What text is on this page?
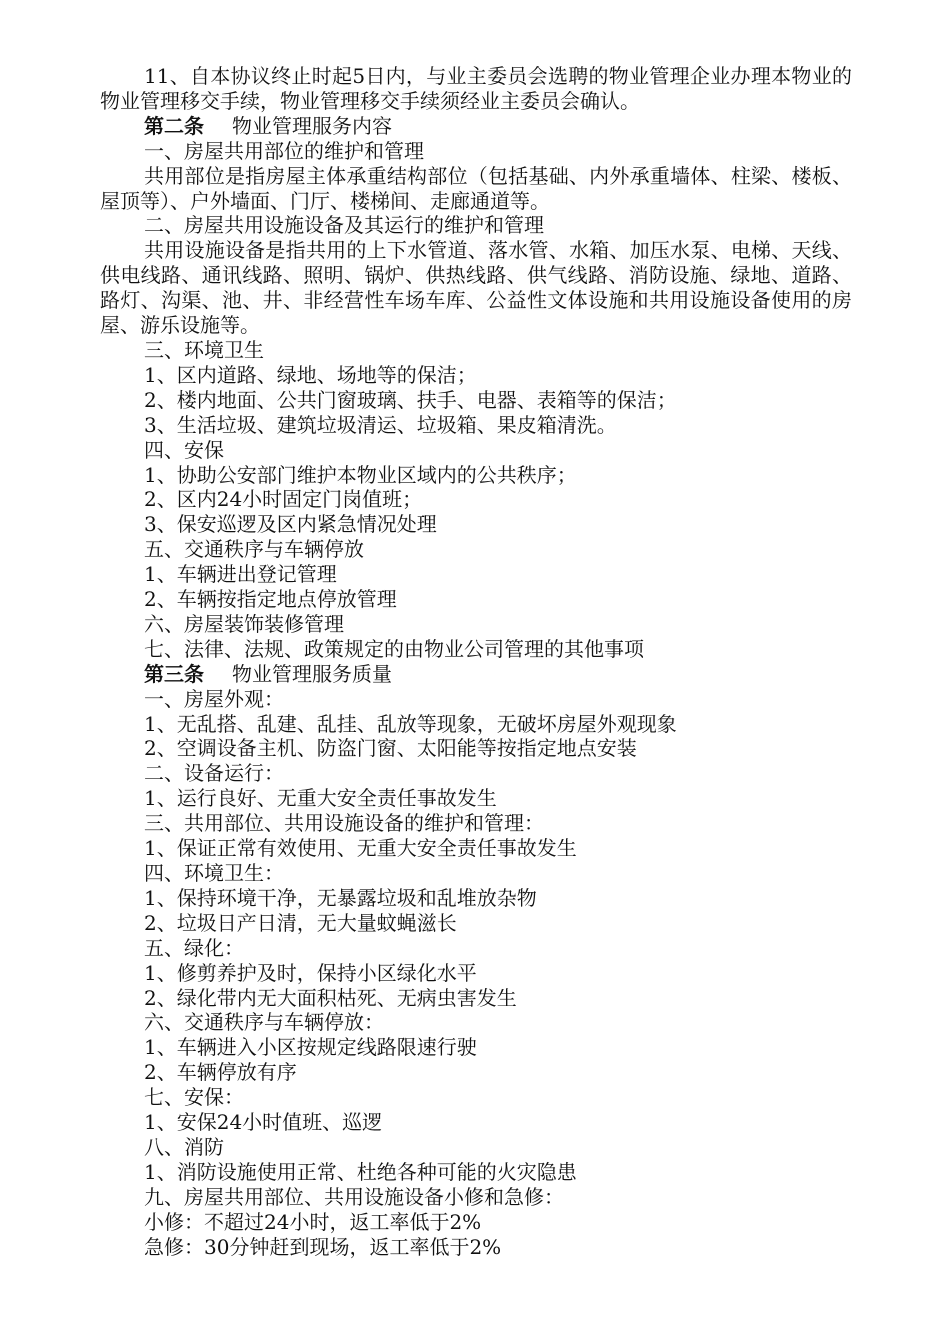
11、自本协议终止时起5日内，与业主委员会选聘的物业管理企业办理本物业的物业管理移交手续，物业管理移交手续须经业主委员会确认。

第二条 物业管理服务内容

一、房屋共用部位的维护和管理

共用部位是指房屋主体承重结构部位（包括基础、内外承重墙体、柱梁、楼板、屋顶等）、户外墙面、门厅、楼梯间、走廊通道等。

二、房屋共用设施设备及其运行的维护和管理

共用设施设备是指共用的上下水管道、落水管、水箱、加压水泵、电梯、天线、供电线路、通讯线路、照明、锅炉、供热线路、供气线路、消防设施、绿地、道路、路灯、沟渠、池、井、非经营性车场车库、公益性文体设施和共用设施设备使用的房屋、游乐设施等。

三、环境卫生

1、区内道路、绿地、场地等的保洁；

2、楼内地面、公共门窗玻璃、扶手、电器、表箱等的保洁；

3、生活垃圾、建筑垃圾清运、垃圾箱、果皮箱清洗。

四、安保

1、协助公安部门维护本物业区域内的公共秩序；

2、区内24小时固定门岗值班；

3、保安巡逻及区内紧急情况处理

五、交通秩序与车辆停放

1、车辆进出登记管理

2、车辆按指定地点停放管理

六、房屋装饰装修管理

七、法律、法规、政策规定的由物业公司管理的其他事项

第三条 物业管理服务质量

一、房屋外观：

1、无乱搭、乱建、乱挂、乱放等现象，无破坏房屋外观现象

2、空调设备主机、防盗门窗、太阳能等按指定地点安装

二、设备运行：

1、运行良好、无重大安全责任事故发生

三、共用部位、共用设施设备的维护和管理：

1、保证正常有效使用、无重大安全责任事故发生

四、环境卫生：

1、保持环境干净，无暴露垃圾和乱堆放杂物

2、垃圾日产日清，无大量蚊蝇滋长

五、绿化：

1、修剪养护及时，保持小区绿化水平

2、绿化带内无大面积枯死、无病虫害发生

六、交通秩序与车辆停放：

1、车辆进入小区按规定线路限速行驶

2、车辆停放有序

七、安保：

1、安保24小时值班、巡逻

八、消防

1、消防设施使用正常、杜绝各种可能的火灾隐患

九、房屋共用部位、共用设施设备小修和急修：

小修：不超过24小时，返工率低于2%

急修：30分钟赶到现场，返工率低于2%
